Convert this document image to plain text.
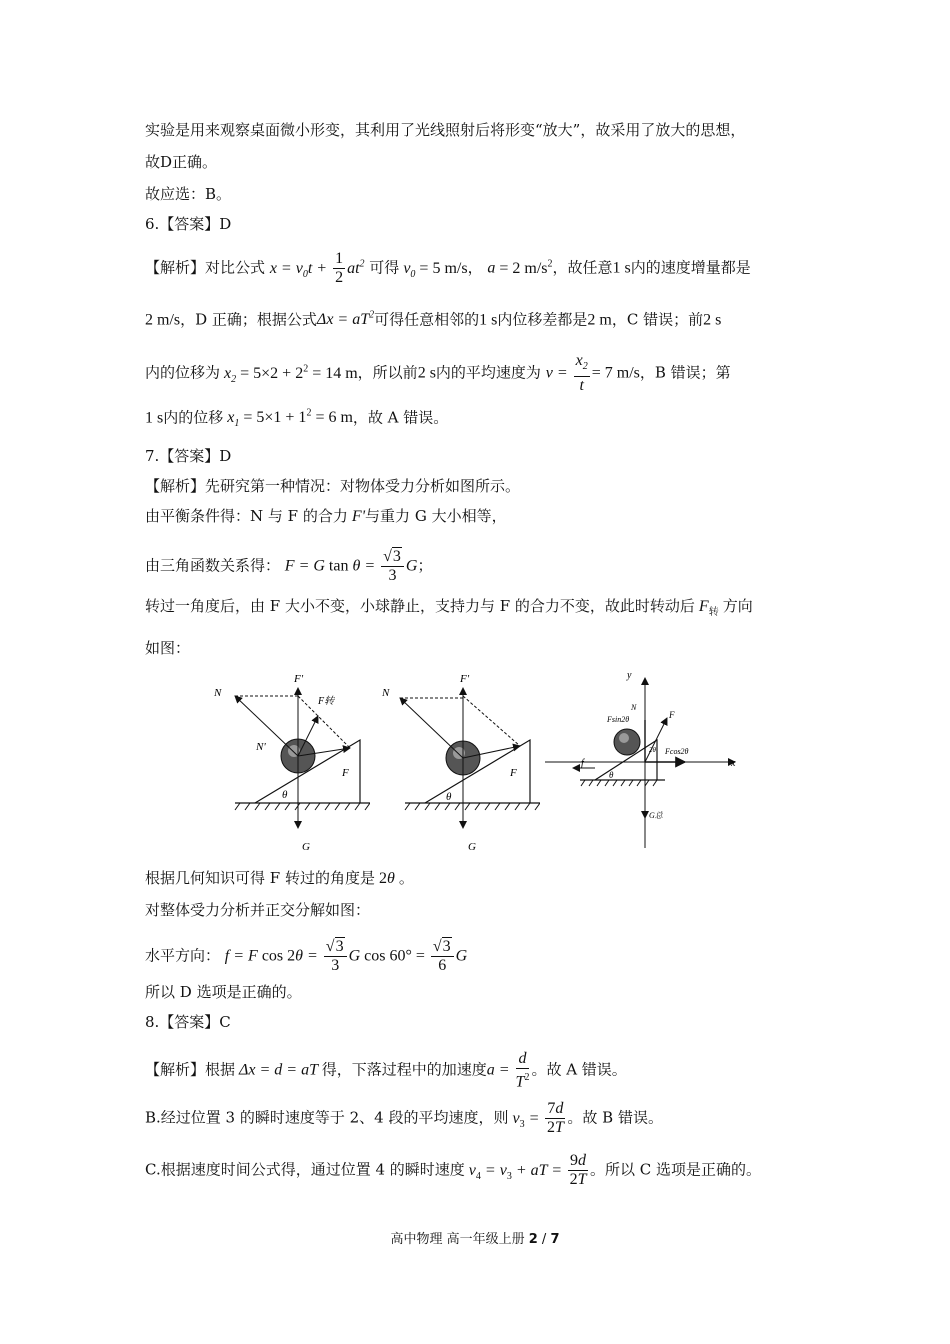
实验是用来观察桌面微小形变，其利用了光线照射后将形变“放大”，故采用了放大的思想，
故D正确。
故应选：B。
6.【答案】D
【解析】对比公式 $x = v_0t + \frac{1}{2} at^2$ 可得 $v_0 = 5$ m/s， a = 2 $m/s^2$，故任意1 s内的速度增量都是
2 m/s，D 正确；根据公式$\Delta x = aT^2$可得任意相邻的1 s内位移差都是2 m，C 错误；前2 s
内的位移为 $x_2 = 5\times 2 + 2^2 = 14$ m，所以前2 s内的平均速度为 $v = \frac{x_2}{t} = 7$ m/s，B 错误；第
1 s内的位移 $x_1 = 5\times 1 + 1^2 = 6$ m，故 A 错误。
7.【答案】D
【解析】先研究第一种情况：对物体受力分析如图所示。
由平衡条件得：N 与 F 的合力 F'与重力 G 大小相等，
由三角函数关系得： F = G $\tan \theta = \frac{√3}{3}$ G；
转过一角度后，由 F 大小不变，小球静止，支持力与 F 的合力不变，故此时转动后 $F_转$ 方向
如图：
N
F'
F转
N'
F
θ
G
N
F'
F
θ
G
y
x
Fsin2θ
Fcos2θ
2θ
F
N
f
θ
G总
根据几何知识可得 F 转过的角度是 2θ 。
对整体受力分析并正交分解如图：
水平方向： f = F $\cos 2\theta = \frac{√3}{3}$ G $\cos 60^\circ = \frac{√3}{6}$ G
所以 D 选项是正确的。
8.【答案】C
【解析】根据 Δx = d = aT 得，下落过程中的加速度$a = \frac{d}{T^2}$ 。故 A 错误。
B.经过位置 3 的瞬时速度等于 2、4 段的平均速度，则 $v_3 = \frac{7d}{2T}$ 。故 B 错误。
C.根据速度时间公式得，通过位置 4 的瞬时速度 $v_4 = v_3$ + aT = $\frac{9d}{2T}$ 。所以 C 选项是正确的。
高中物理 高一年级上册 2 / 7
